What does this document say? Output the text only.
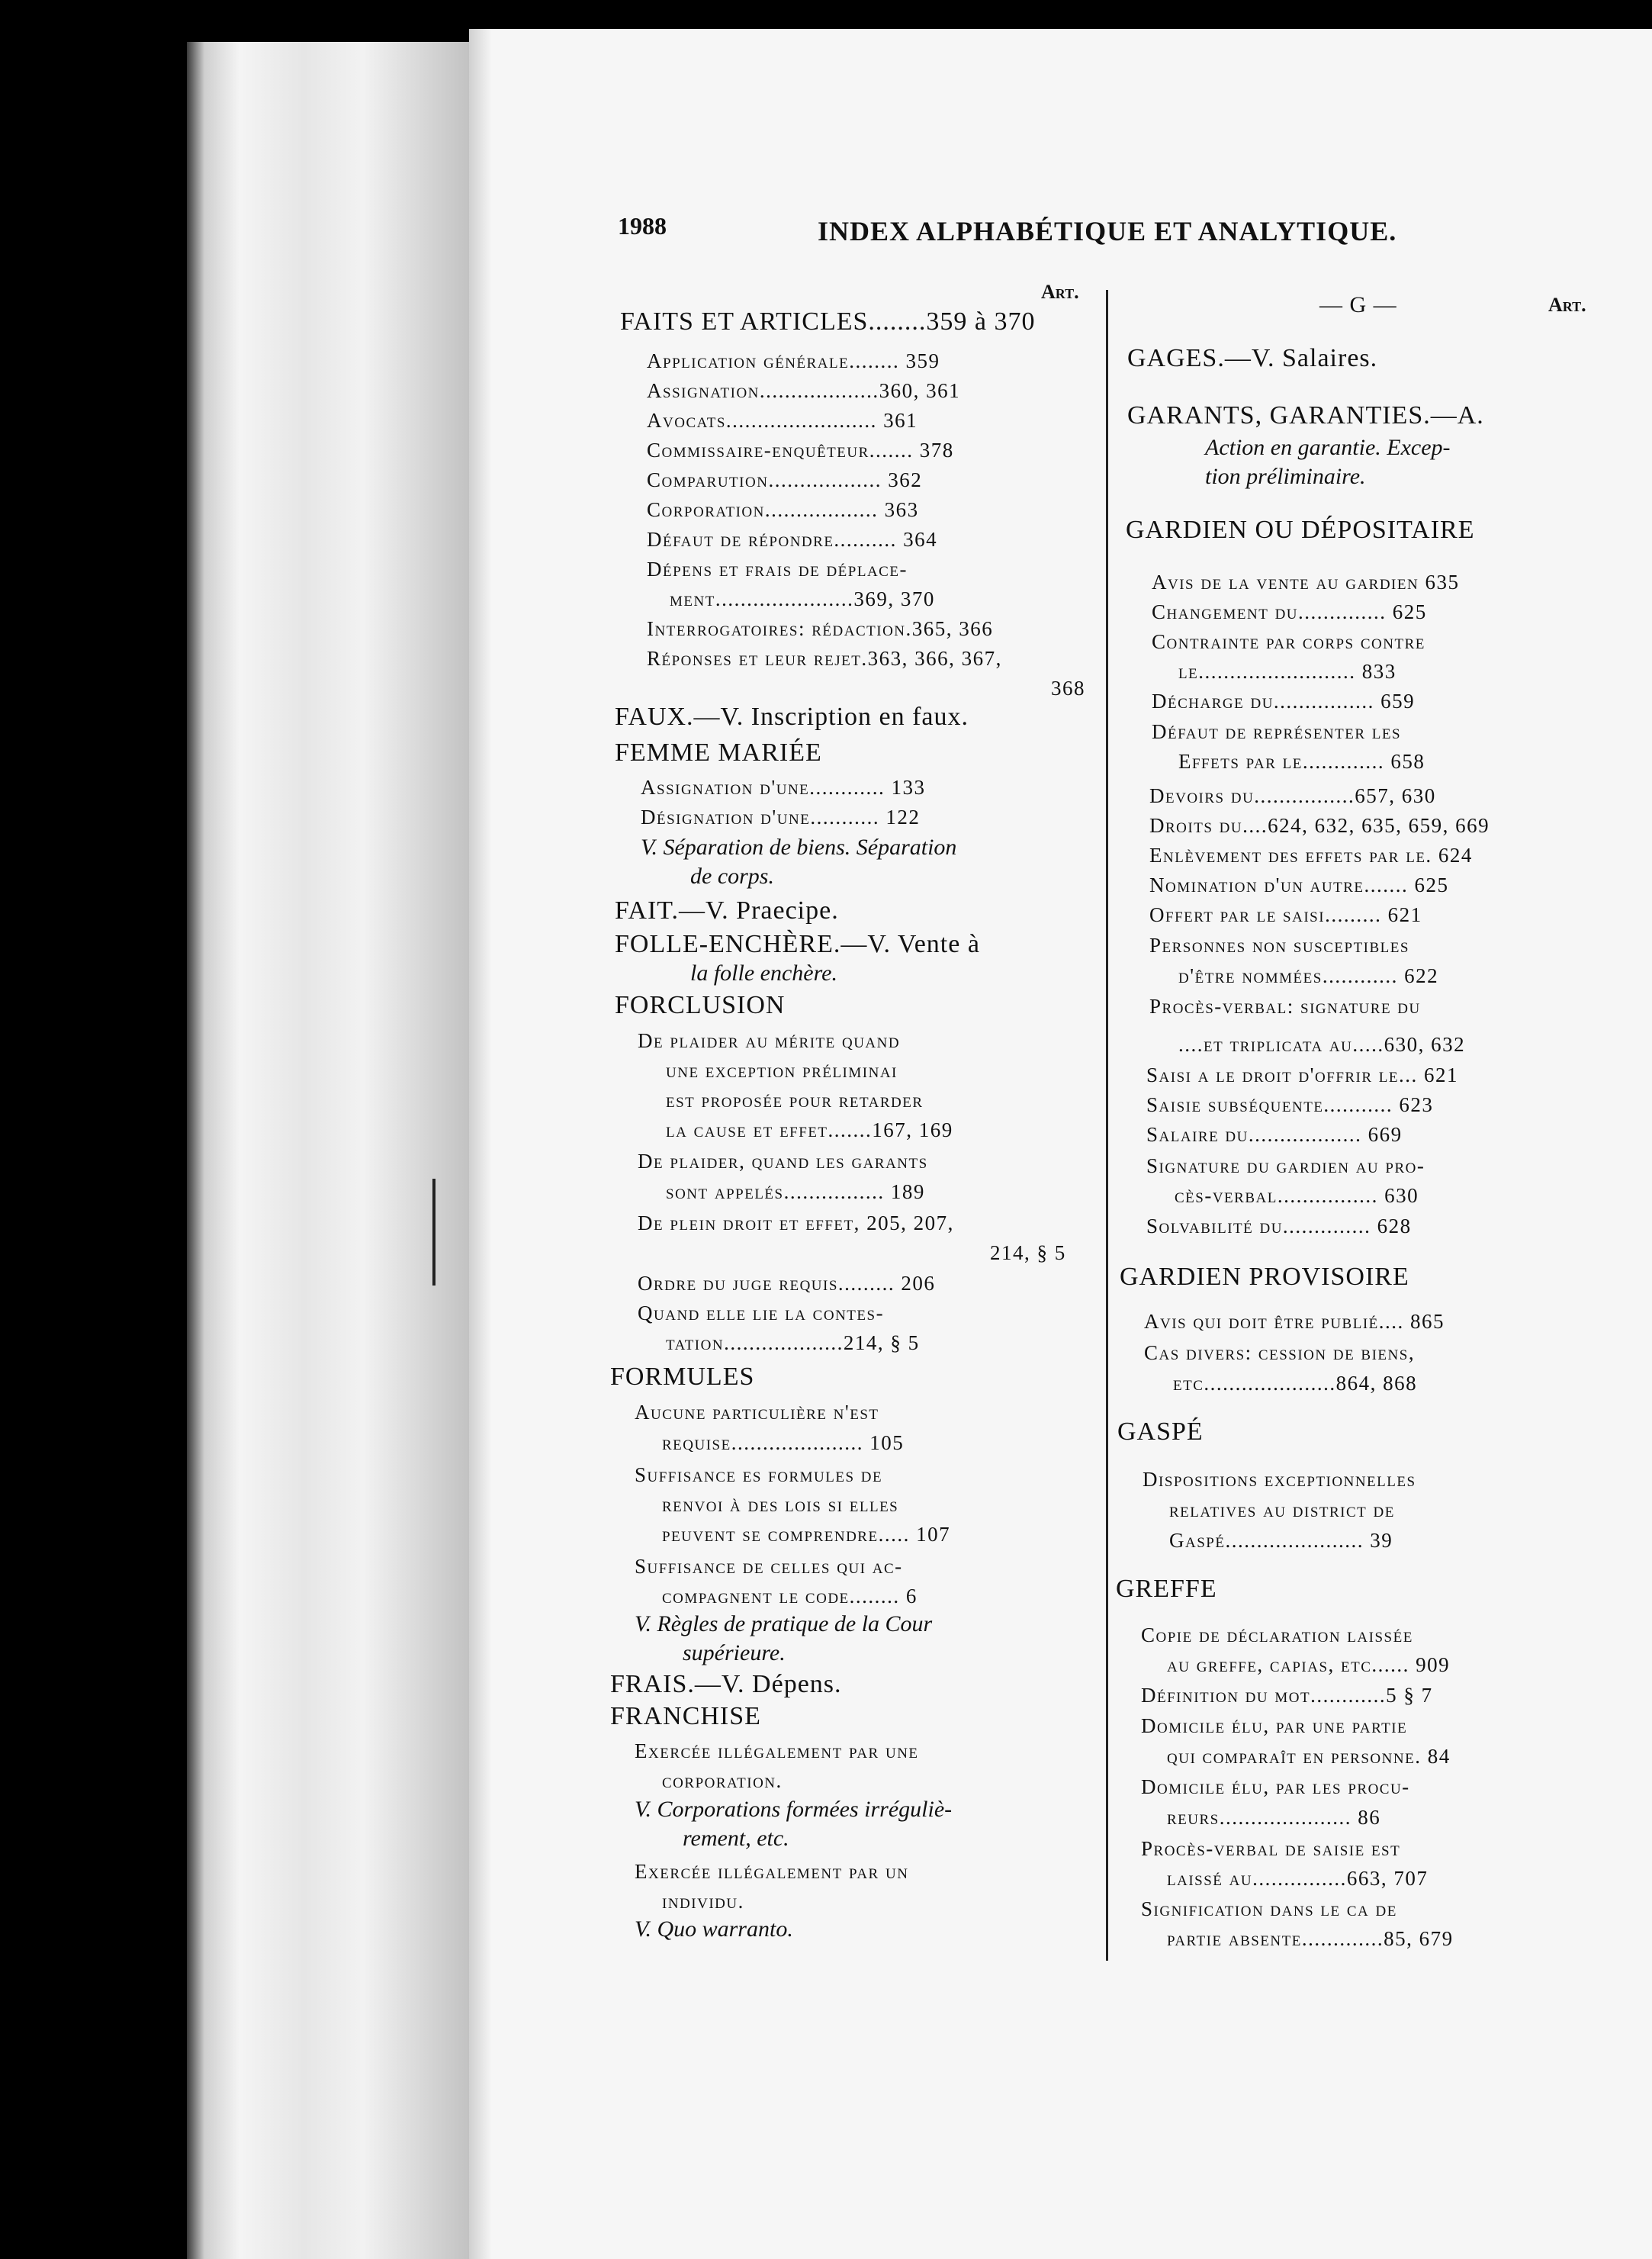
1988	INDEX ALPHABÉTIQUE ET ANALYTIQUE.
Art.
FAITS ET ARTICLES........359 à 370
Application générale........ 359
Assignation...................360, 361
Avocats........................ 361
Commissaire-enquêteur....... 378
Comparution.................. 362
Corporation.................. 363
Défaut de répondre.......... 364
Dépens et frais de déplace-
ment......................369, 370
Interrogatoires: rédaction.365, 366
Réponses et leur rejet.363, 366, 367,
368
FAUX.—V. Inscription en faux.
FEMME MARIÉE
Assignation d'une............ 133
Désignation d'une........... 122
V. Séparation de biens. Séparation
de corps.
FAIT.—V. Praecipe.
FOLLE-ENCHÈRE.—V. Vente à
la folle enchère.
FORCLUSION
De plaider au mérite quand
une exception préliminai
est proposée pour retarder
la cause et effet.......167, 169
De plaider, quand les garants
sont appelés................ 189
De plein droit et effet, 205, 207,
214, § 5
Ordre du juge requis......... 206
Quand elle lie la contes-
tation...................214, § 5
FORMULES
Aucune particulière n'est
requise..................... 105
Suffisance es formules de
renvoi à des lois si elles
peuvent se comprendre..... 107
Suffisance de celles qui ac-
compagnent le code........ 6
V. Règles de pratique de la Cour
supérieure.
FRAIS.—V. Dépens.
FRANCHISE
Exercée illégalement par une
corporation.
V. Corporations formées irréguliè-
rement, etc.
Exercée illégalement par un
individu.
V. Quo warranto.
— G —	Art.
GAGES.—V. Salaires.
GARANTS, GARANTIES.—A.
Action en garantie. Excep-
tion préliminaire.
GARDIEN OU DÉPOSITAIRE
Avis de la vente au gardien 635
Changement du.............. 625
Contrainte par corps contre
le......................... 833
Décharge du................ 659
Défaut de représenter les
Effets par le............. 658
Devoirs du................657, 630
Droits du....624, 632, 635, 659, 669
Enlèvement des effets par le. 624
Nomination d'un autre....... 625
Offert par le saisi......... 621
Personnes non susceptibles
d'être nommées............ 622
Procès-verbal: signature du
....et triplicata au.....630, 632
Saisi a le droit d'offrir le... 621
Saisie subséquente........... 623
Salaire du.................. 669
Signature du gardien au pro-
cès-verbal................ 630
Solvabilité du.............. 628
GARDIEN PROVISOIRE
Avis qui doit être publié.... 865
Cas divers: cession de biens,
etc.....................864, 868
GASPÉ
Dispositions exceptionnelles
relatives au district de
Gaspé...................... 39
GREFFE
Copie de déclaration laissée
au greffe, capias, etc...... 909
Définition du mot............5 § 7
Domicile élu, par une partie
qui comparaît en personne. 84
Domicile élu, par les procu-
reurs..................... 86
Procès-verbal de saisie est
laissé au...............663, 707
Signification dans le ca de
partie absente.............85, 679
